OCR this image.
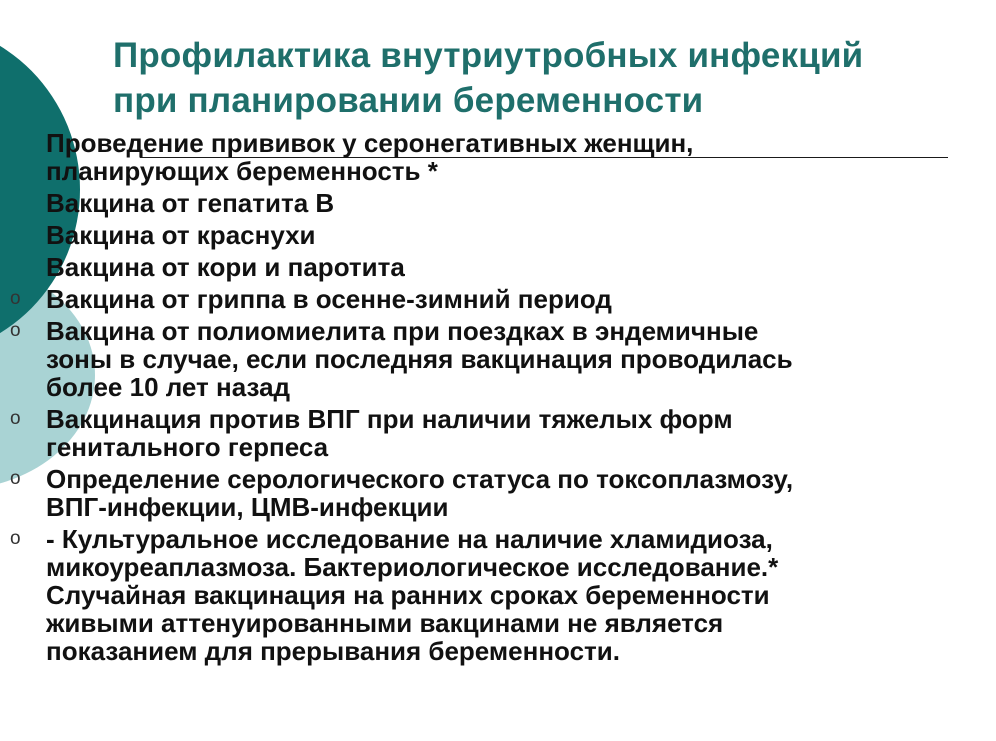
Профилактика внутриутробных инфекций
при планировании беременности
Проведение прививок у серонегативных женщин,
планирующих беременность *
Вакцина от гепатита В
Вакцина от краснухи
Вакцина от кори и паротита
o Вакцина от гриппа в осенне-зимний период
o Вакцина от полиомиелита при поездках в эндемичные
зоны в случае, если последняя вакцинация проводилась
более 10 лет назад
o Вакцинация против ВПГ при наличии тяжелых форм
генитального герпеса
o Определение серологического статуса по токсоплазмозу,
ВПГ-инфекции, ЦМВ-инфекции
o - Культуральное исследование на наличие хламидиоза,
микоуреаплазмоза. Бактериологическое исследование.*
Случайная вакцинация на ранних сроках беременности
живыми аттенуированными вакцинами не является
показанием для прерывания беременности.
